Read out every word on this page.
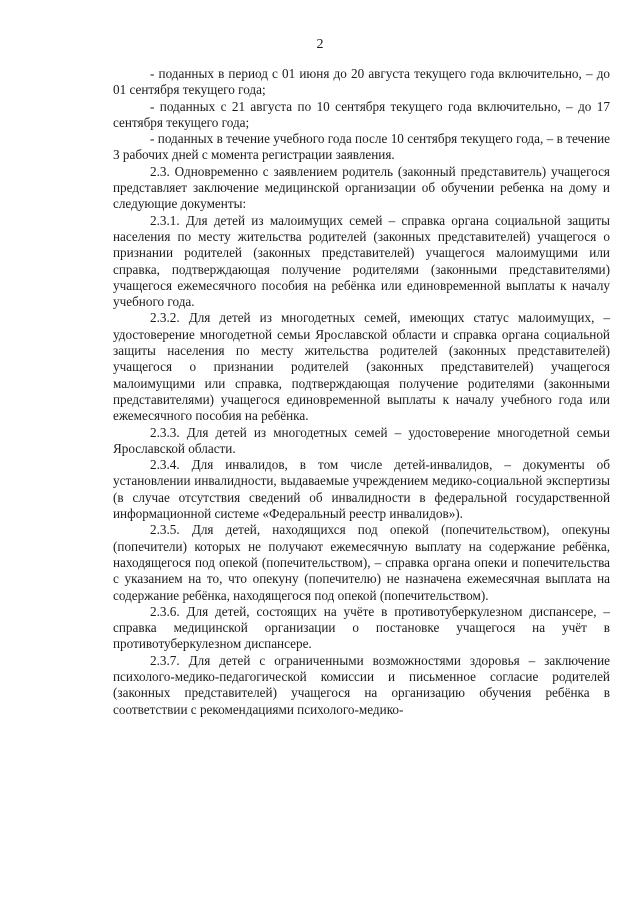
2

- поданных в период с 01 июня до 20 августа текущего года включительно, – до 01 сентября текущего года;

- поданных с 21 августа по 10 сентября текущего года включительно, – до 17 сентября текущего года;

- поданных в течение учебного года после 10 сентября текущего года, – в течение 3 рабочих дней с момента регистрации заявления.

2.3. Одновременно с заявлением родитель (законный представитель) учащегося представляет заключение медицинской организации об обучении ребенка на дому и следующие документы:

2.3.1. Для детей из малоимущих семей – справка органа социальной защиты населения по месту жительства родителей (законных представителей) учащегося о признании родителей (законных представителей) учащегося малоимущими или справка, подтверждающая получение родителями (законными представителями) учащегося ежемесячного пособия на ребёнка или единовременной выплаты к началу учебного года.

2.3.2. Для детей из многодетных семей, имеющих статус малоимущих, – удостоверение многодетной семьи Ярославской области и справка органа социальной защиты населения по месту жительства родителей (законных представителей) учащегося о признании родителей (законных представителей) учащегося малоимущими или справка, подтверждающая получение родителями (законными представителями) учащегося единовременной выплаты к началу учебного года или ежемесячного пособия на ребёнка.

2.3.3. Для детей из многодетных семей – удостоверение многодетной семьи Ярославской области.

2.3.4. Для инвалидов, в том числе детей-инвалидов, – документы об установлении инвалидности, выдаваемые учреждением медико-социальной экспертизы (в случае отсутствия сведений об инвалидности в федеральной государственной информационной системе «Федеральный реестр инвалидов»).

2.3.5. Для детей, находящихся под опекой (попечительством), опекуны (попечители) которых не получают ежемесячную выплату на содержание ребёнка, находящегося под опекой (попечительством), – справка органа опеки и попечительства с указанием на то, что опекуну (попечителю) не назначена ежемесячная выплата на содержание ребёнка, находящегося под опекой (попечительством).

2.3.6. Для детей, состоящих на учёте в противотуберкулезном диспансере, – справка медицинской организации о постановке учащегося на учёт в противотуберкулезном диспансере.

2.3.7. Для детей с ограниченными возможностями здоровья – заключение психолого-медико-педагогической комиссии и письменное согласие родителей (законных представителей) учащегося на организацию обучения ребёнка в соответствии с рекомендациями психолого-медико-
